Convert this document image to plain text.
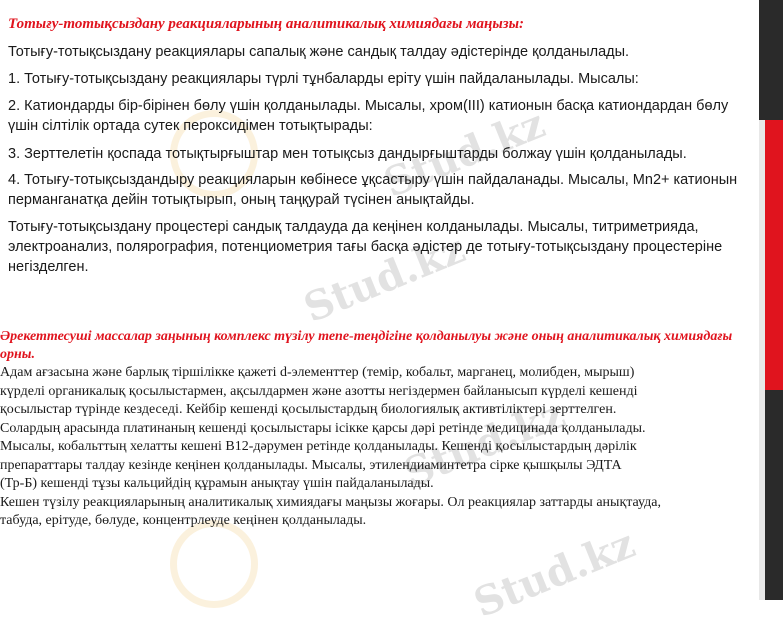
Stud.kz
Stud.kz
Stud.kz
Stud.kz
Тотығу-тотықсыздану реакцияларының аналитикалық химиядағы маңызы:
Тотығу-тотықсыздану реакциялары сапалық және сандық талдау әдістерінде қолданылады.
1. Тотығу-тотықсыздану реакциялары түрлі тұнбаларды ерiту үшін пайдаланылады. Мысалы:
2. Катиондарды бір-бірінен бөлу үшін қолданылады. Мысалы, хром(ІІІ) катионын басқа катиондардан бөлу үшін сілтілік ортада сутек пероксидімен тотықтырады:
3. Зерттелетін қоспада тотықтырғыштар мен тотықсыз дандырғыштарды болжау үшін қолданылады.
4. Тотығу-тотықсыздандыру реакцияларын көбінесе ұқсастыру үшін пайдаланады. Мысалы, Mn2+ катионын перманганатқа дейін тотықтырып, оның таңқурай түсінен анықтайды.
Тотығу-тотықсыздану процестері сандық талдауда да кеңінен колданылады. Мысалы, титриметрияда, электроанализ, полярография, потенциометрия тағы басқа әдістер де тотығу-тотықсыздану процестеріне негізделген.
Әрекеттесуші массалар заңының комплекс түзілу тепе-теңдігіне қолданылуы және оның аналитикалық химиядағы орны.
Адам ағзасына және барлық тiршiлiкке қажетi d-элементтер (темiр, кобальт, марганец, молибден, мырыш)
күрделi органикалық қосылыстармен, ақсылдармен және азотты негiздермен байланысып күрделi кешендi
қосылыстар түрiнде кездеседi. Кейбiр кешендi қосылыстардың биологиялық активтiлiктерi зерттелген.
Солардың арасында платинаның кешендi қосылыстары iсiкке қарсы дәрi ретiнде медицинада қолданылады.
Мысалы, кобальттың хелатты кешенi В12-дәрумен ретiнде қолданылады. Кешендi қосылыстардың дәрiлiк
препараттары талдау кезiнде кеңiнен қолданылады. Мысалы, этилендиаминтетра сiрке қышқылы ЭДТА
(Тр-Б) кешендi тұзы кальцийдiң құрамын анықтау үшiн пайдаланылады.
Кешен түзiлу реакцияларының аналитикалық химиядағы маңызы жоғары. Ол реакциялар заттарды анықтауда,
табуда, ерiтуде, бөлуде, концентрлеуде кеңiнен қолданылады.
